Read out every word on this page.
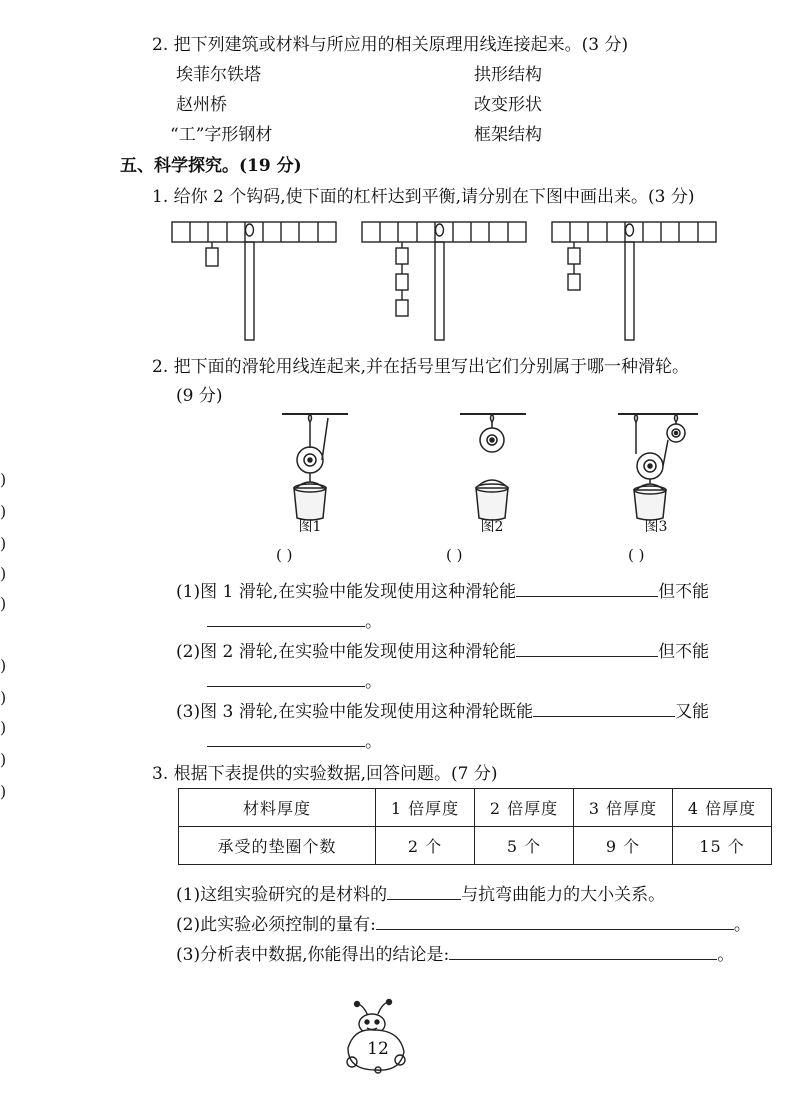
2. 把下列建筑或材料与所应用的相关原理用线连接起来。(3 分)
埃菲尔铁塔
赵州桥
“工”字形钢材
拱形结构
改变形状
框架结构
五、科学探究。(19 分)
1. 给你 2 个钩码,使下面的杠杆达到平衡,请分别在下图中画出来。(3 分)
2. 把下面的滑轮用线连起来,并在括号里写出它们分别属于哪一种滑轮。
(9 分)
图1	图2	图3
( )	( )	( )
(1)图 1 滑轮,在实验中能发现使用这种滑轮能	但不能
。
(2)图 2 滑轮,在实验中能发现使用这种滑轮能	但不能
。
(3)图 3 滑轮,在实验中能发现使用这种滑轮既能	又能
。
3. 根据下表提供的实验数据,回答问题。(7 分)
材料厚度	1 倍厚度	2 倍厚度	3 倍厚度	4 倍厚度
承受的垫圈个数	2 个	5 个	9 个	15 个
(1)这组实验研究的是材料的	与抗弯曲能力的大小关系。
(2)此实验必须控制的量有:	。
(3)分析表中数据,你能得出的结论是:	。
12
)
)
)
)
)
)
)
)
)
)
